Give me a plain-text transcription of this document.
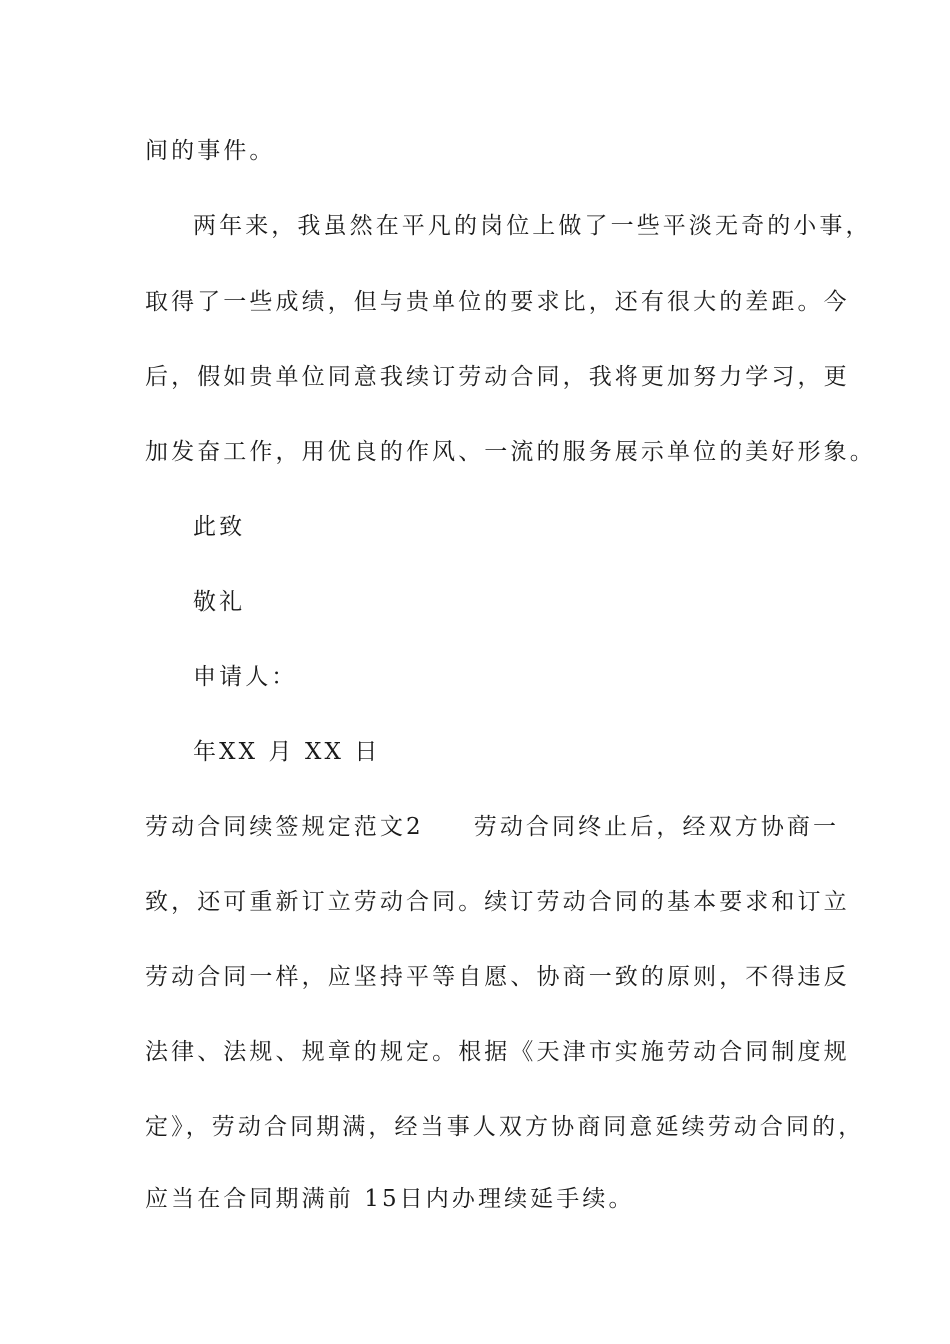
间的事件。
两年来，我虽然在平凡的岗位上做了一些平淡无奇的小事，
取得了一些成绩，但与贵单位的要求比，还有很大的差距。今
后，假如贵单位同意我续订劳动合同，我将更加努力学习，更
加发奋工作，用优良的作风、一流的服务展示单位的美好形象。
此致
敬礼
申请人：
年XX 月 XX 日
劳动合同续签规定范文2 劳动合同终止后，经双方协商一
致，还可重新订立劳动合同。续订劳动合同的基本要求和订立
劳动合同一样，应坚持平等自愿、协商一致的原则，不得违反
法律、法规、规章的规定。根据《天津市实施劳动合同制度规
定》，劳动合同期满，经当事人双方协商同意延续劳动合同的，
应当在合同期满前 15日内办理续延手续。
